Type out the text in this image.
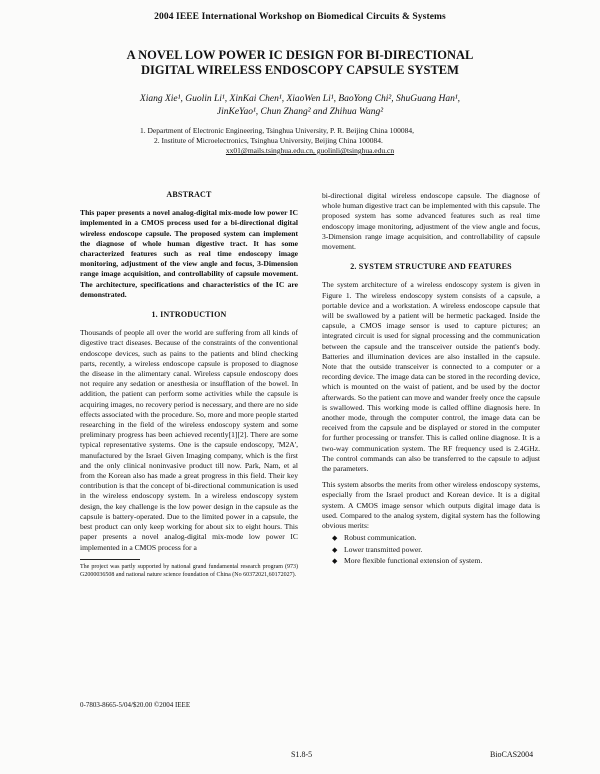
2004 IEEE International Workshop on Biomedical Circuits & Systems
A NOVEL LOW POWER IC DESIGN FOR BI-DIRECTIONAL
DIGITAL WIRELESS ENDOSCOPY CAPSULE SYSTEM
Xiang Xie¹, Guolin Li¹, XinKai Chen¹, XiaoWen Li¹, BaoYong Chi², ShuGuang Han¹,
JinKeYao¹, Chun Zhang² and Zhihua Wang²
1. Department of Electronic Engineering, Tsinghua University, P. R. Beijing China 100084,
2. Institute of Microelectronics, Tsinghua University, Beijing China 100084.
xx01@mails.tsinghua.edu.cn, guolinli@tsinghua.edu.cn
ABSTRACT

This paper presents a novel analog-digital mix-mode low power IC implemented in a CMOS process used for a bi-directional digital wireless endoscope capsule. The proposed system can implement the diagnose of whole human digestive tract. It has some characterized features such as real time endoscopy image monitoring, adjustment of the view angle and focus, 3-Dimension range image acquisition, and controllability of capsule movement. The architecture, specifications and characteristics of the IC are demonstrated.

1. INTRODUCTION

Thousands of people all over the world are suffering from all kinds of digestive tract diseases. Because of the constraints of the conventional endoscope devices, such as pains to the patients and blind checking parts, recently, a wireless endoscope capsule is proposed to diagnose the disease in the alimentary canal. Wireless capsule endoscopy does not require any sedation or anesthesia or insufflation of the bowel. In addition, the patient can perform some activities while the capsule is acquiring images, no recovery period is necessary, and there are no side effects associated with the procedure. So, more and more people started researching in the field of the wireless endoscopy system and some preliminary progress has been achieved recently[1][2]. There are some typical representative systems. One is the capsule endoscopy, 'M2A', manufactured by the Israel Given Imaging company, which is the first and the only clinical noninvasive product till now. Park, Nam, et al from the Korean also has made a great progress in this field. Their key contribution is that the concept of bi-directional communication is used in the wireless endoscopy system. In a wireless endoscopy system design, the key challenge is the low power design in the capsule as the capsule is battery-operated. Due to the limited power in a capsule, the best product can only keep working for about six to eight hours. This paper presents a novel analog-digital mix-mode low power IC implemented in a CMOS process for a

The project was partly supported by national grand fundamental research program (973) G2000036508 and national nature science foundation of China (No 60372021,60172027).

bi-directional digital wireless endoscope capsule. The diagnose of whole human digestive tract can be implemented with this capsule. The proposed system has some advanced features such as real time endoscopy image monitoring, adjustment of the view angle and focus, 3-Dimension range image acquisition, and controllability of capsule movement.

2. SYSTEM STRUCTURE AND FEATURES

The system architecture of a wireless endoscopy system is given in Figure 1. The wireless endoscopy system consists of a capsule, a portable device and a workstation. A wireless endoscope capsule that will be swallowed by a patient will be hermetic packaged. Inside the capsule, a CMOS image sensor is used to capture pictures; an integrated circuit is used for signal processing and the communication between the capsule and the transceiver outside the patient's body. Batteries and illumination devices are also installed in the capsule. Note that the outside transceiver is connected to a computer or a recording device. The image data can be stored in the recording device, which is mounted on the waist of patient, and be used by the doctor afterwards. So the patient can move and wander freely once the capsule is swallowed. This working mode is called offline diagnosis here. In another mode, through the computer control, the image data can be received from the capsule and be displayed or stored in the computer for further processing or transfer. This is called online diagnose. It is a two-way communication system. The RF frequency used is 2.4GHz. The control commands can also be transferred to the capsule to adjust the parameters.

This system absorbs the merits from other wireless endoscopy systems, especially from the Israel product and Korean device. It is a digital system. A CMOS image sensor which outputs digital image data is used. Compared to the analog system, digital system has the following obvious merits:

◆ Robust communication.
◆ Lower transmitted power.
◆ More flexible functional extension of system.
0-7803-8665-5/04/$20.00 ©2004 IEEE
S1.8-5	BioCAS2004
